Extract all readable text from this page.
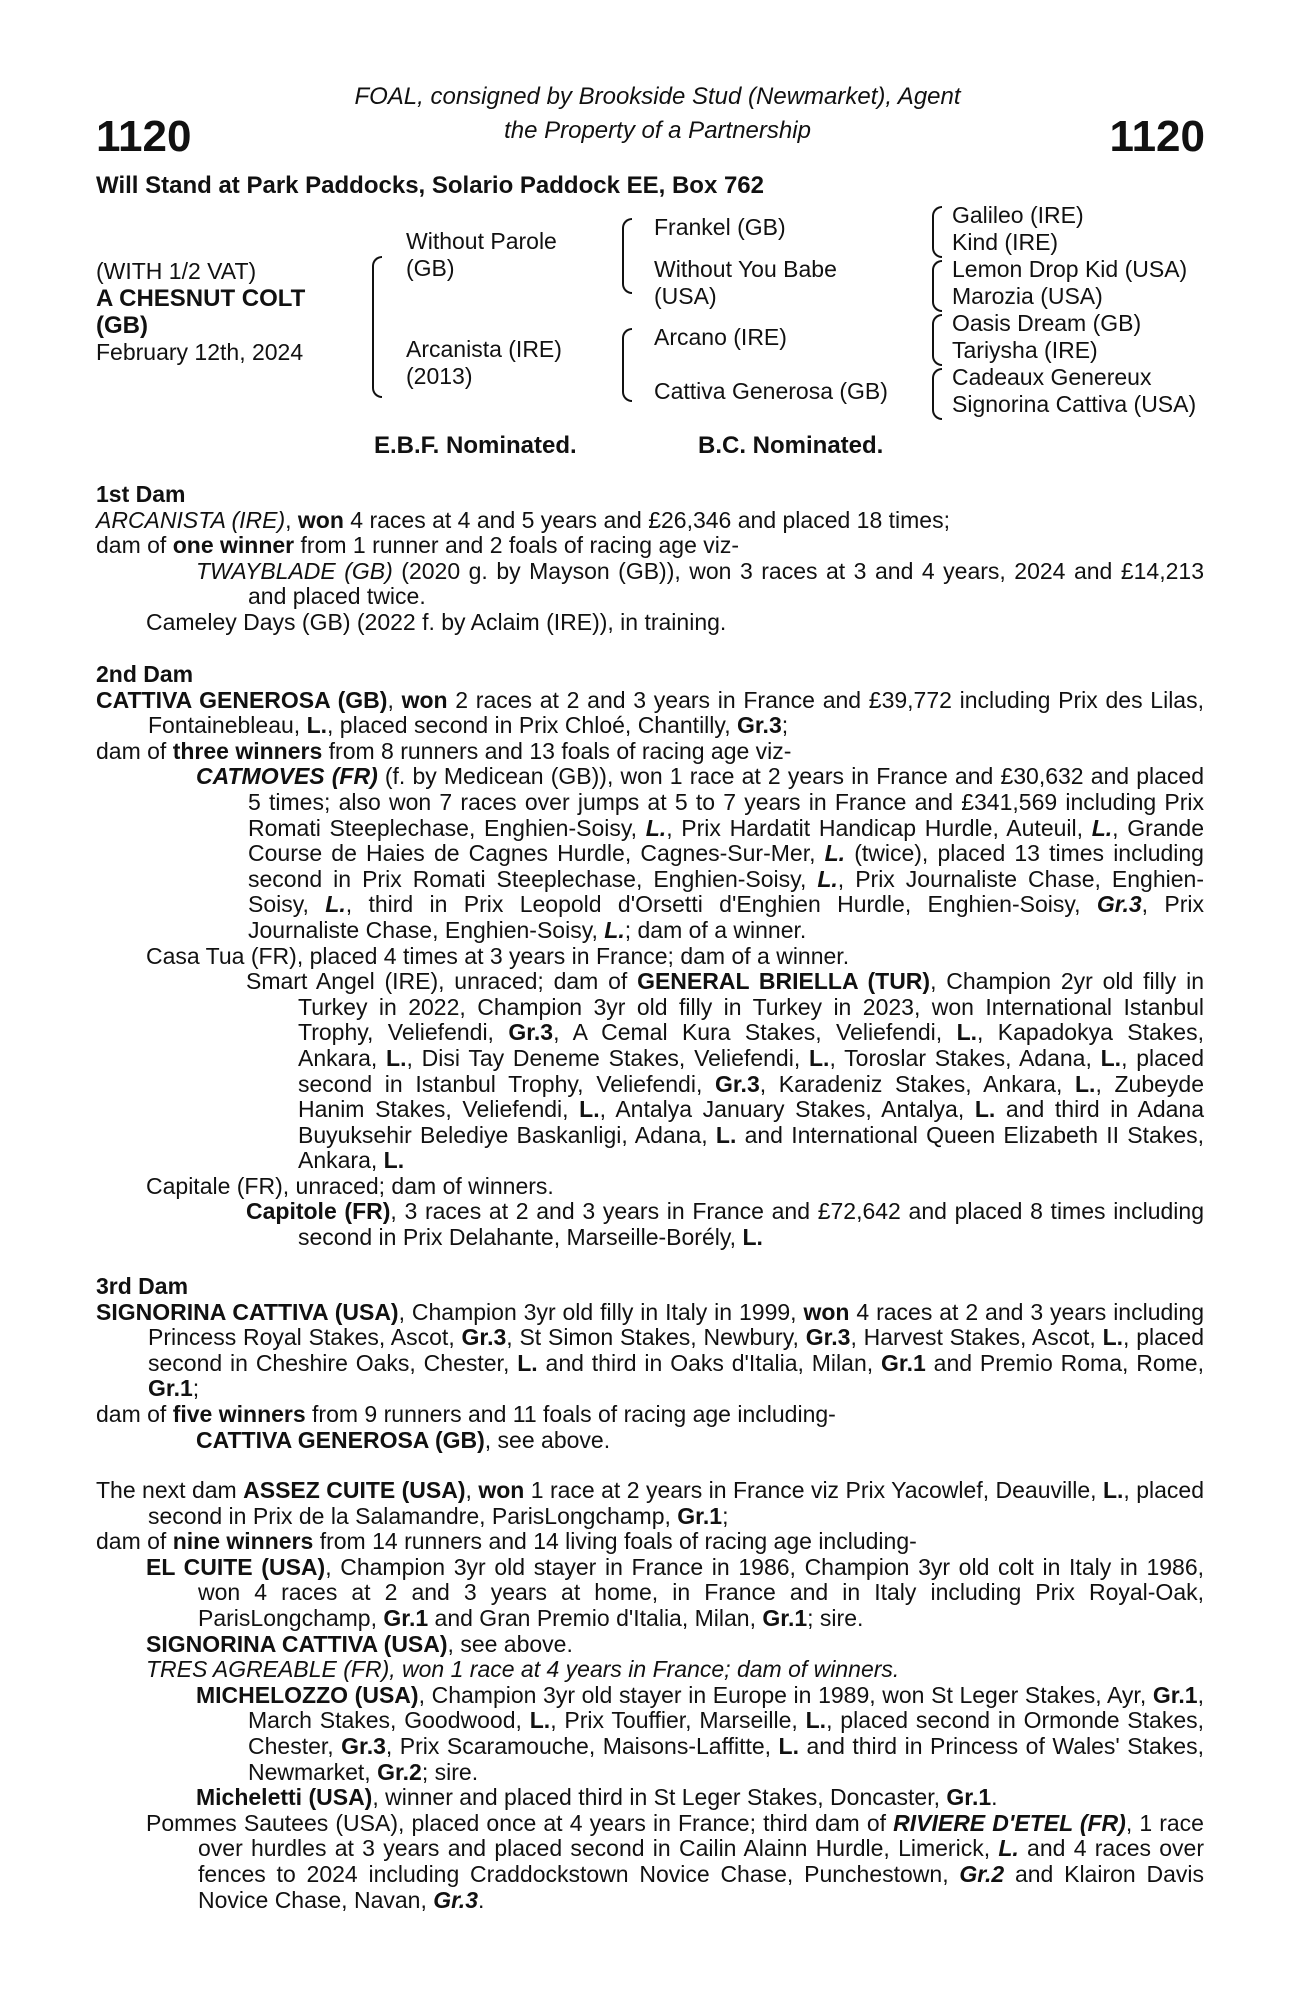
1120	1120
FOAL, consigned by Brookside Stud (Newmarket), Agent
the Property of a Partnership
Will Stand at Park Paddocks, Solario Paddock EE, Box 762
(WITH 1/2 VAT)
A CHESNUT COLT
(GB)
February 12th, 2024
Without Parole
(GB)
Arcanista (IRE)
(2013)
Frankel (GB)
Without You Babe
(USA)
Arcano (IRE)
Cattiva Generosa (GB)
Galileo (IRE)
Kind (IRE)
Lemon Drop Kid (USA)
Marozia (USA)
Oasis Dream (GB)
Tariysha (IRE)
Cadeaux Genereux
Signorina Cattiva (USA)
E.B.F. Nominated.	B.C. Nominated.

1st Dam

ARCANISTA (IRE), won 4 races at 4 and 5 years and £26,346 and placed 18 times;

dam of one winner from 1 runner and 2 foals of racing age viz-

TWAYBLADE (GB) (2020 g. by Mayson (GB)), won 3 races at 3 and 4 years, 2024 and £14,213 and placed twice.

Cameley Days (GB) (2022 f. by Aclaim (IRE)), in training.

2nd Dam

CATTIVA GENEROSA (GB), won 2 races at 2 and 3 years in France and £39,772 including Prix des Lilas, Fontainebleau, L., placed second in Prix Chloé, Chantilly, Gr.3;

dam of three winners from 8 runners and 13 foals of racing age viz-

CATMOVES (FR) (f. by Medicean (GB)), won 1 race at 2 years in France and £30,632 and placed 5 times; also won 7 races over jumps at 5 to 7 years in France and £341,569 including Prix Romati Steeplechase, Enghien-Soisy, L., Prix Hardatit Handicap Hurdle, Auteuil, L., Grande Course de Haies de Cagnes Hurdle, Cagnes-Sur-Mer, L. (twice), placed 13 times including second in Prix Romati Steeplechase, Enghien-Soisy, L., Prix Journaliste Chase, Enghien-Soisy, L., third in Prix Leopold d'Orsetti d'Enghien Hurdle, Enghien-Soisy, Gr.3, Prix Journaliste Chase, Enghien-Soisy, L.; dam of a winner.

Casa Tua (FR), placed 4 times at 3 years in France; dam of a winner.

Smart Angel (IRE), unraced; dam of GENERAL BRIELLA (TUR), Champion 2yr old filly in Turkey in 2022, Champion 3yr old filly in Turkey in 2023, won International Istanbul Trophy, Veliefendi, Gr.3, A Cemal Kura Stakes, Veliefendi, L., Kapadokya Stakes, Ankara, L., Disi Tay Deneme Stakes, Veliefendi, L., Toroslar Stakes, Adana, L., placed second in Istanbul Trophy, Veliefendi, Gr.3, Karadeniz Stakes, Ankara, L., Zubeyde Hanim Stakes, Veliefendi, L., Antalya January Stakes, Antalya, L. and third in Adana Buyuksehir Belediye Baskanligi, Adana, L. and International Queen Elizabeth II Stakes, Ankara, L.

Capitale (FR), unraced; dam of winners.

Capitole (FR), 3 races at 2 and 3 years in France and £72,642 and placed 8 times including second in Prix Delahante, Marseille-Borély, L.

3rd Dam

SIGNORINA CATTIVA (USA), Champion 3yr old filly in Italy in 1999, won 4 races at 2 and 3 years including Princess Royal Stakes, Ascot, Gr.3, St Simon Stakes, Newbury, Gr.3, Harvest Stakes, Ascot, L., placed second in Cheshire Oaks, Chester, L. and third in Oaks d'Italia, Milan, Gr.1 and Premio Roma, Rome, Gr.1;

dam of five winners from 9 runners and 11 foals of racing age including-

CATTIVA GENEROSA (GB), see above.

The next dam ASSEZ CUITE (USA), won 1 race at 2 years in France viz Prix Yacowlef, Deauville, L., placed second in Prix de la Salamandre, ParisLongchamp, Gr.1;

dam of nine winners from 14 runners and 14 living foals of racing age including-

EL CUITE (USA), Champion 3yr old stayer in France in 1986, Champion 3yr old colt in Italy in 1986, won 4 races at 2 and 3 years at home, in France and in Italy including Prix Royal-Oak, ParisLongchamp, Gr.1 and Gran Premio d'Italia, Milan, Gr.1; sire.

SIGNORINA CATTIVA (USA), see above.

TRES AGREABLE (FR), won 1 race at 4 years in France; dam of winners.

MICHELOZZO (USA), Champion 3yr old stayer in Europe in 1989, won St Leger Stakes, Ayr, Gr.1, March Stakes, Goodwood, L., Prix Touffier, Marseille, L., placed second in Ormonde Stakes, Chester, Gr.3, Prix Scaramouche, Maisons-Laffitte, L. and third in Princess of Wales' Stakes, Newmarket, Gr.2; sire.

Micheletti (USA), winner and placed third in St Leger Stakes, Doncaster, Gr.1.

Pommes Sautees (USA), placed once at 4 years in France; third dam of RIVIERE D'ETEL (FR), 1 race over hurdles at 3 years and placed second in Cailin Alainn Hurdle, Limerick, L. and 4 races over fences to 2024 including Craddockstown Novice Chase, Punchestown, Gr.2 and Klairon Davis Novice Chase, Navan, Gr.3.
